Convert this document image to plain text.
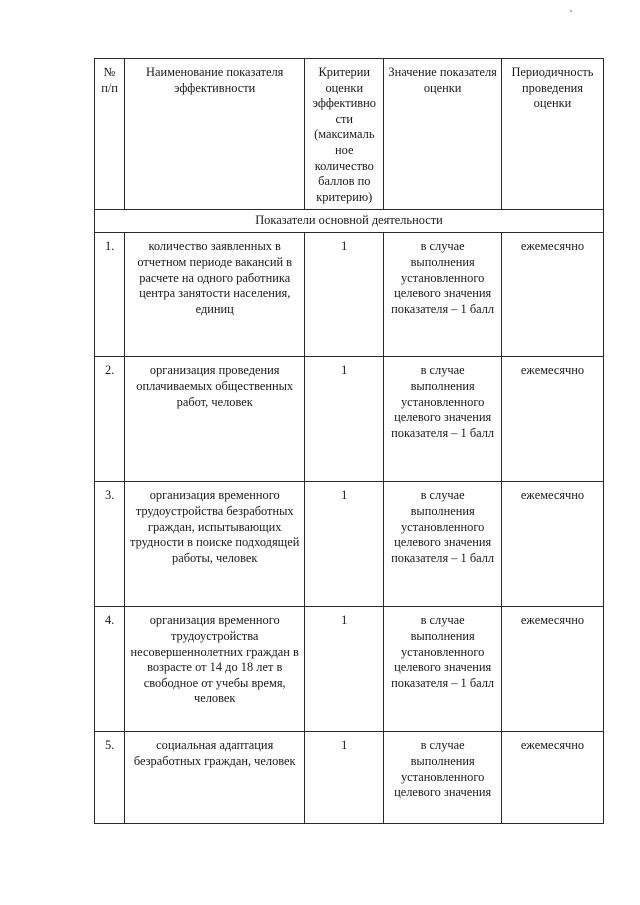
№ п/п	Наименование показателя эффективности	Критерии оценки эффективно сти (максималь ное количество баллов по критерию)	Значение показателя оценки	Периодичность проведения оценки
Показатели основной деятельности				
1.	количество заявленных в отчетном периоде вакансий в расчете на одного работника центра занятости населения, единиц	1	в случае выполнения установленного целевого значения показателя – 1 балл	ежемесячно
2.	организация проведения оплачиваемых общественных работ, человек	1	в случае выполнения установленного целевого значения показателя – 1 балл	ежемесячно
3.	организация временного трудоустройства безработных граждан, испытывающих трудности в поиске подходящей работы, человек	1	в случае выполнения установленного целевого значения показателя – 1 балл	ежемесячно
4.	организация временного трудоустройства несовершеннолетних граждан в возрасте от 14 до 18 лет в свободное от учебы время, человек	1	в случае выполнения установленного целевого значения показателя – 1 балл	ежемесячно
5.	социальная адаптация безработных граждан, человек	1	в случае выполнения установленного целевого значения	ежемесячно
